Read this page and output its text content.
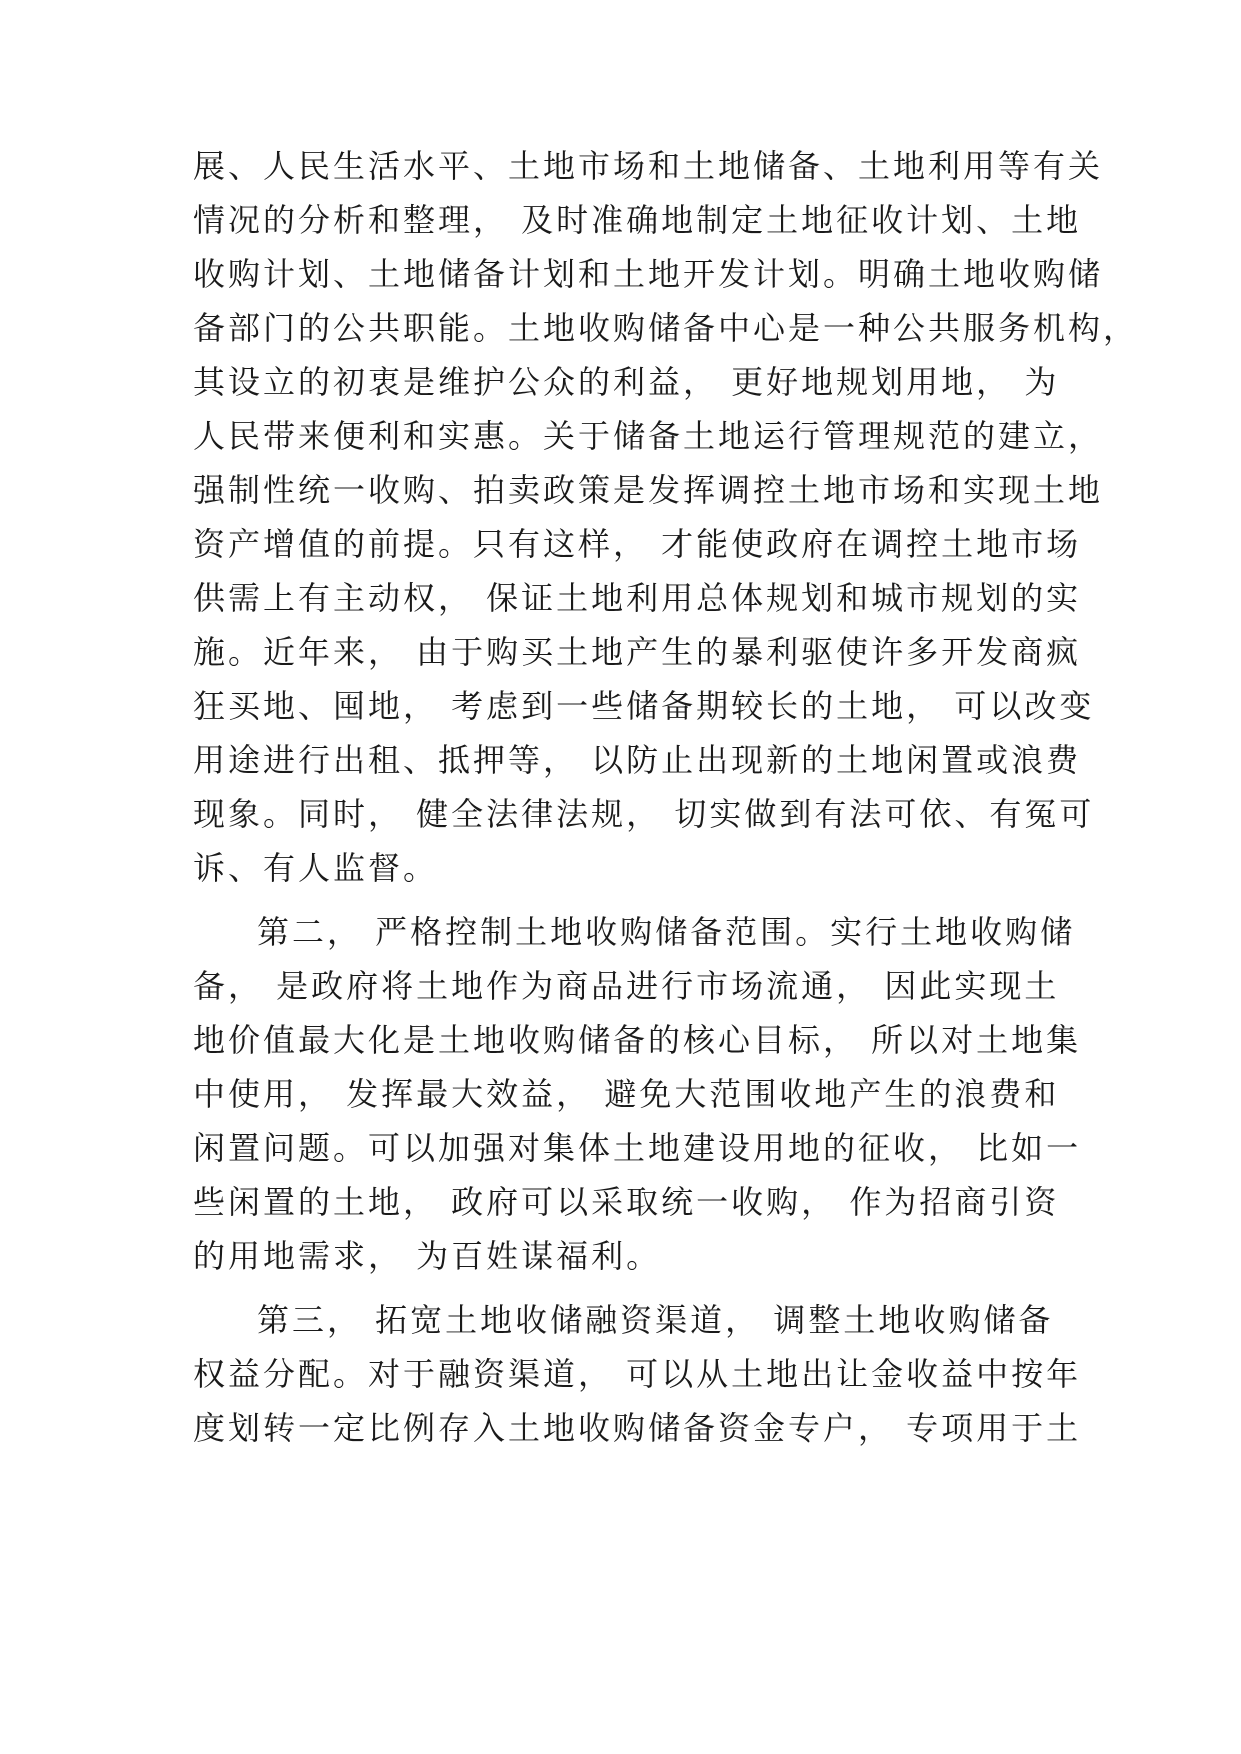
展、人民生活水平、土地市场和土地储备、土地利用等有关
情况的分析和整理， 及时准确地制定土地征收计划、土地
收购计划、土地储备计划和土地开发计划。明确土地收购储
备部门的公共职能。土地收购储备中心是一种公共服务机构，
其设立的初衷是维护公众的利益， 更好地规划用地， 为
人民带来便利和实惠。关于储备土地运行管理规范的建立，
强制性统一收购、拍卖政策是发挥调控土地市场和实现土地
资产增值的前提。只有这样， 才能使政府在调控土地市场
供需上有主动权， 保证土地利用总体规划和城市规划的实
施。近年来， 由于购买土地产生的暴利驱使许多开发商疯
狂买地、囤地， 考虑到一些储备期较长的土地， 可以改变
用途进行出租、抵押等， 以防止出现新的土地闲置或浪费
现象。同时， 健全法律法规， 切实做到有法可依、有冤可
诉、有人监督。
第二， 严格控制土地收购储备范围。实行土地收购储
备， 是政府将土地作为商品进行市场流通， 因此实现土
地价值最大化是土地收购储备的核心目标， 所以对土地集
中使用， 发挥最大效益， 避免大范围收地产生的浪费和
闲置问题。可以加强对集体土地建设用地的征收， 比如一
些闲置的土地， 政府可以采取统一收购， 作为招商引资
的用地需求， 为百姓谋福利。
第三， 拓宽土地收储融资渠道， 调整土地收购储备
权益分配。对于融资渠道， 可以从土地出让金收益中按年
度划转一定比例存入土地收购储备资金专户， 专项用于土
